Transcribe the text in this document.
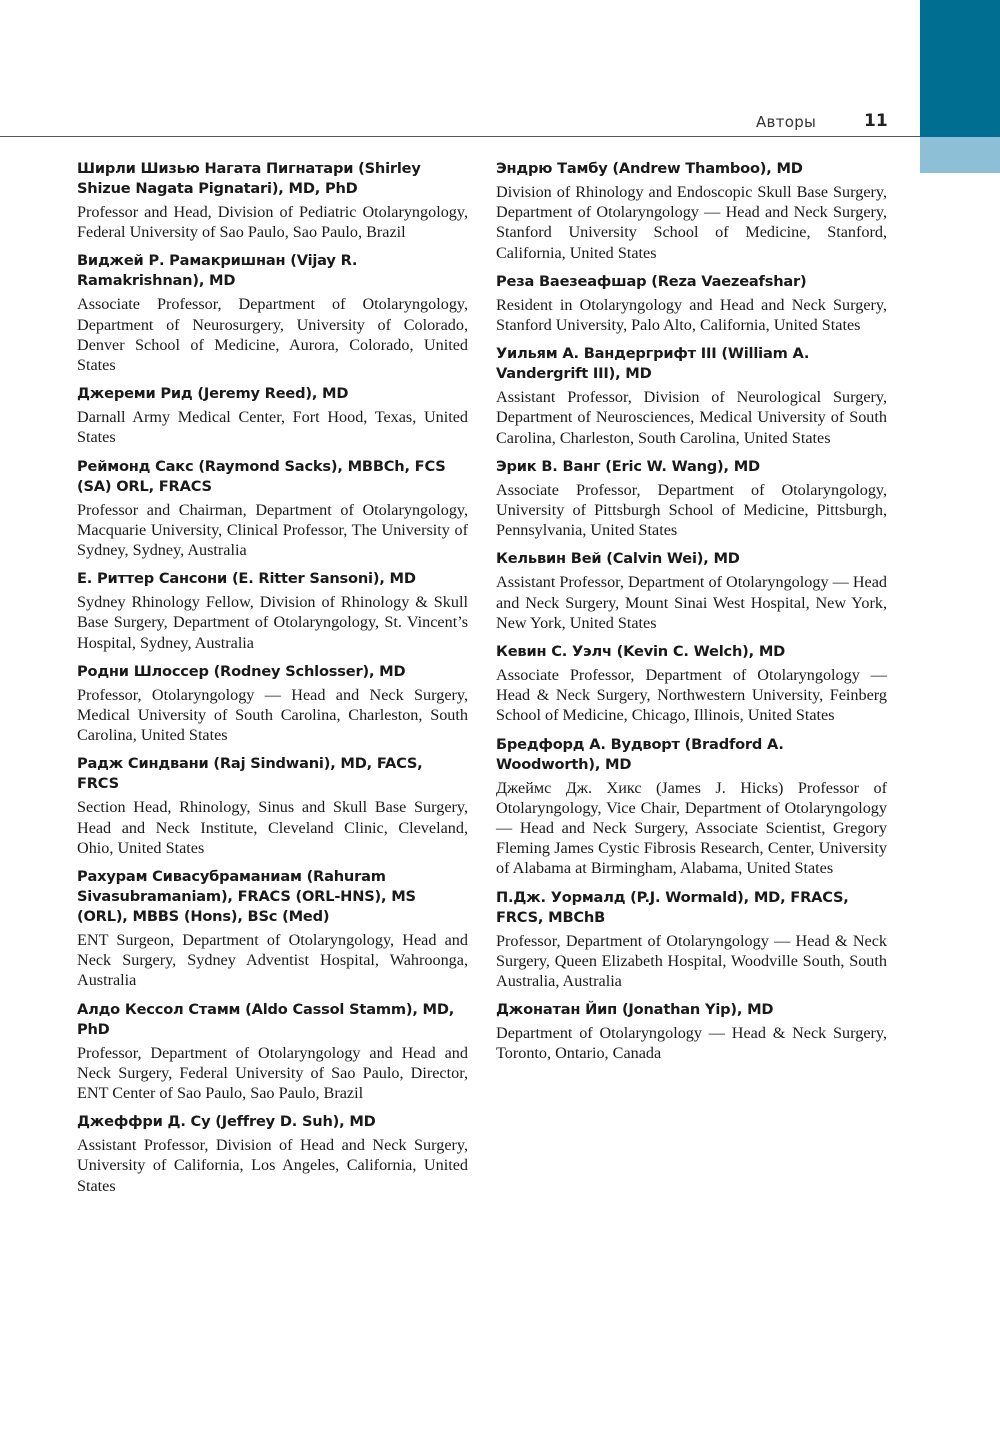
Авторы	11

Ширли Шизью Нагата Пигнатари (Shirley Shizue Nagata Pignatari), MD, PhD

Professor and Head, Division of Pediatric Otolaryngology, Federal University of Sao Paulo, Sao Paulo, Brazil

Виджей Р. Рамакришнан (Vijay R. Ramakrishnan), MD

Associate Professor, Department of Otolaryngology, Department of Neurosurgery, University of Colorado, Denver School of Medicine, Aurora, Colorado, United States

Джереми Рид (Jeremy Reed), MD

Darnall Army Medical Center, Fort Hood, Texas, United States

Реймонд Сакс (Raymond Sacks), MBBCh, FCS (SA) ORL, FRACS

Professor and Chairman, Department of Otolaryngology, Macquarie University, Clinical Professor, The University of Sydney, Sydney, Australia

Е. Риттер Сансони (E. Ritter Sansoni), MD

Sydney Rhinology Fellow, Division of Rhinology & Skull Base Surgery, Department of Otolaryngology, St. Vincent’s Hospital, Sydney, Australia

Родни Шлоссер (Rodney Schlosser), MD

Professor, Otolaryngology — Head and Neck Surgery, Medical University of South Carolina, Charleston, South Carolina, United States

Радж Синдвани (Raj Sindwani), MD, FACS, FRCS

Section Head, Rhinology, Sinus and Skull Base Surgery, Head and Neck Institute, Cleveland Clinic, Cleveland, Ohio, United States

Рахурам Сивасубраманиам (Rahuram Sivasubramaniam), FRACS (ORL-HNS), MS (ORL), MBBS (Hons), BSc (Med)

ENT Surgeon, Department of Otolaryngology, Head and Neck Surgery, Sydney Adventist Hospital, Wahroonga, Australia

Алдо Кессол Стамм (Aldo Cassol Stamm), MD, PhD

Professor, Department of Otolaryngology and Head and Neck Surgery, Federal University of Sao Paulo, Director, ENT Center of Sao Paulo, Sao Paulo, Brazil

Джеффри Д. Су (Jeffrey D. Suh), MD

Assistant Professor, Division of Head and Neck Surgery, University of California, Los Angeles, California, United States

Эндрю Тамбу (Andrew Thamboo), MD

Division of Rhinology and Endoscopic Skull Base Surgery, Department of Otolaryngology — Head and Neck Surgery, Stanford University School of Medicine, Stanford, California, United States

Реза Ваезеафшар (Reza Vaezeafshar)

Resident in Otolaryngology and Head and Neck Surgery, Stanford University, Palo Alto, California, United States

Уильям А. Вандергрифт III (William A. Vandergrift III), MD

Assistant Professor, Division of Neurological Surgery, Department of Neurosciences, Medical University of South Carolina, Charleston, South Carolina, United States

Эрик В. Ванг (Eric W. Wang), MD

Associate Professor, Department of Otolaryngology, University of Pittsburgh School of Medicine, Pittsburgh, Pennsylvania, United States

Кельвин Вей (Calvin Wei), MD

Assistant Professor, Department of Otolaryngology — Head and Neck Surgery, Mount Sinai West Hospital, New York, New York, United States

Кевин С. Уэлч (Kevin C. Welch), MD

Associate Professor, Department of Otolaryngology — Head & Neck Surgery, Northwestern University, Feinberg School of Medicine, Chicago, Illinois, United States

Бредфорд А. Вудворт (Bradford A. Woodworth), MD

Джеймс Дж. Хикс (James J. Hicks) Professor of Otolaryngology, Vice Chair, Department of Otolaryngology — Head and Neck Surgery, Associate Scientist, Gregory Fleming James Cystic Fibrosis Research, Center, University of Alabama at Birmingham, Alabama, United States

П.Дж. Уормалд (P.J. Wormald), MD, FRACS, FRCS, MBChB

Professor, Department of Otolaryngology — Head & Neck Surgery, Queen Elizabeth Hospital, Woodville South, South Australia, Australia

Джонатан Йип (Jonathan Yip), MD

Department of Otolaryngology — Head & Neck Surgery, Toronto, Ontario, Canada
